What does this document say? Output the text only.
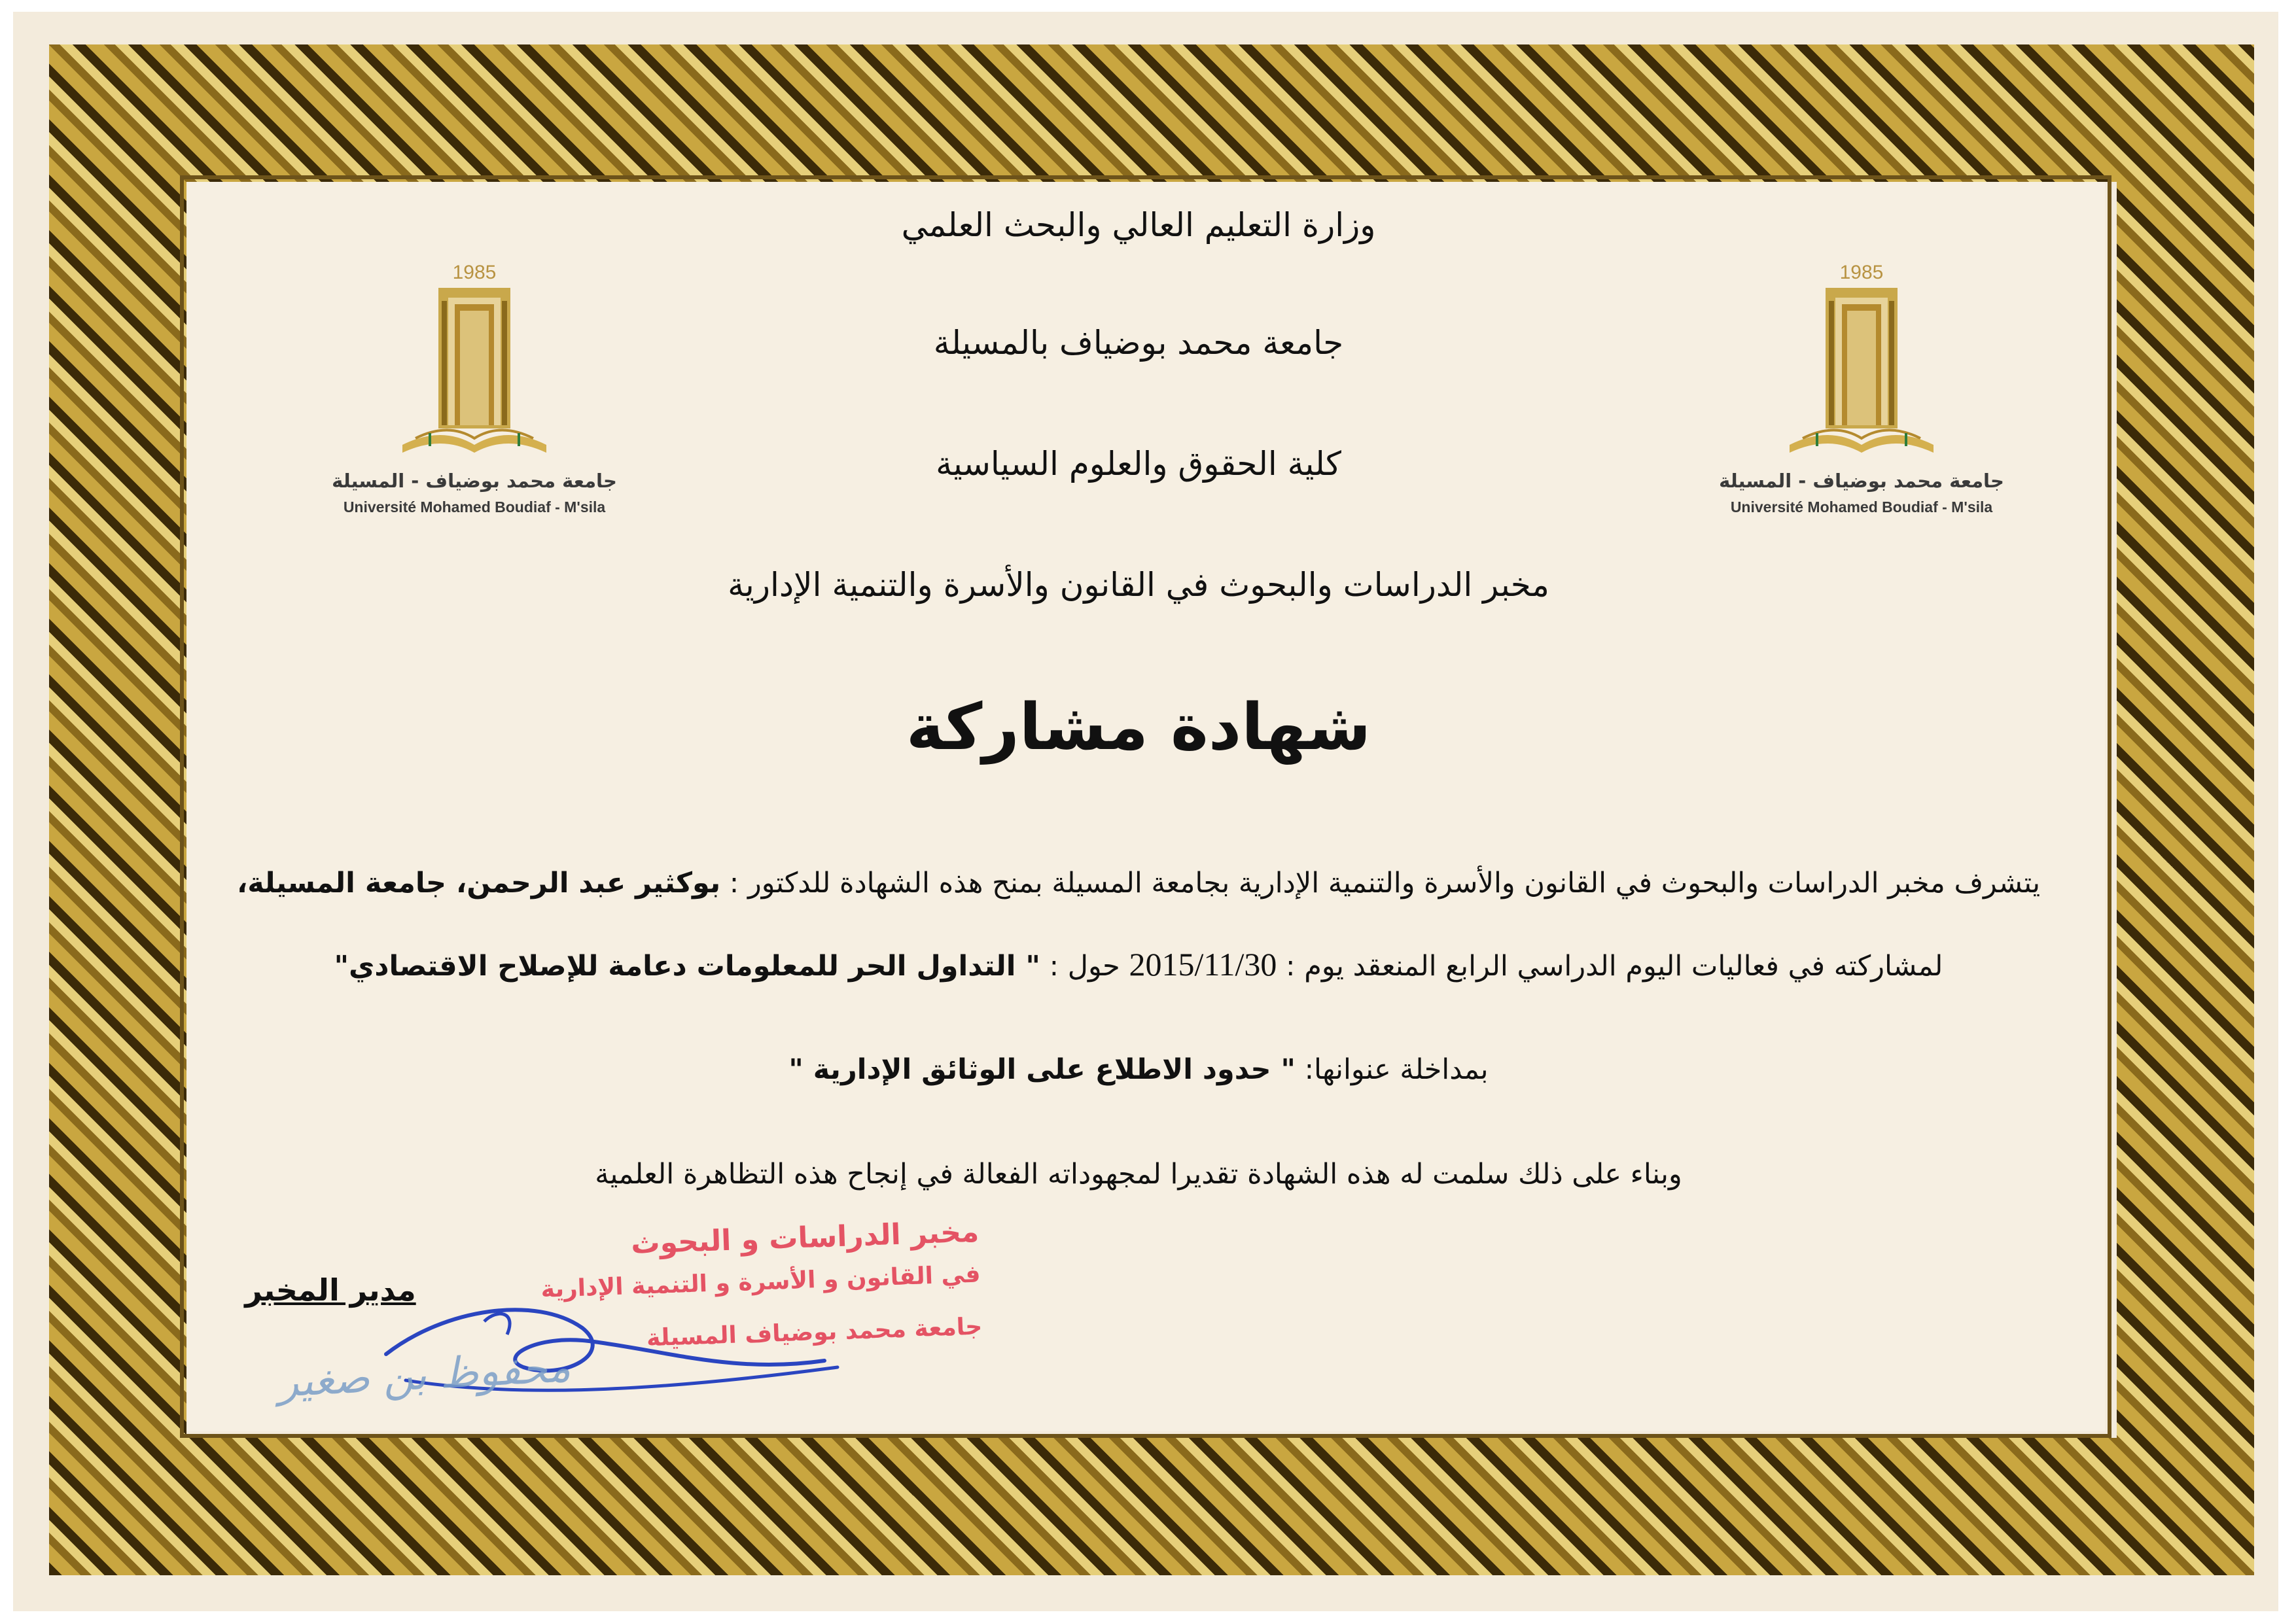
1985
جامعة محمد بوضياف - المسيلة
Université Mohamed Boudiaf - M'sila
1985
جامعة محمد بوضياف - المسيلة
Université Mohamed Boudiaf - M'sila
وزارة التعليم العالي والبحث العلمي
جامعة محمد بوضياف بالمسيلة
كلية الحقوق والعلوم السياسية
مخبر الدراسات والبحوث في القانون والأسرة والتنمية الإدارية
شهادة مشاركة
يتشرف مخبر الدراسات والبحوث في القانون والأسرة والتنمية الإدارية بجامعة المسيلة بمنح هذه الشهادة للدكتور : بوكثير عبد الرحمن، جامعة المسيلة،
لمشاركته في فعاليات اليوم الدراسي الرابع المنعقد يوم : 2015/11/30 حول : " التداول الحر للمعلومات دعامة للإصلاح الاقتصادي"
بمداخلة عنوانها: " حدود الاطلاع على الوثائق الإدارية "
وبناء على ذلك سلمت له هذه الشهادة تقديرا لمجهوداته الفعالة في إنجاح هذه التظاهرة العلمية
مخبر الدراسات و البحوث
في القانون و الأسرة و التنمية الإدارية
جامعة محمد بوضياف المسيلة
مدير المخبر
محفوظ بن صغير
